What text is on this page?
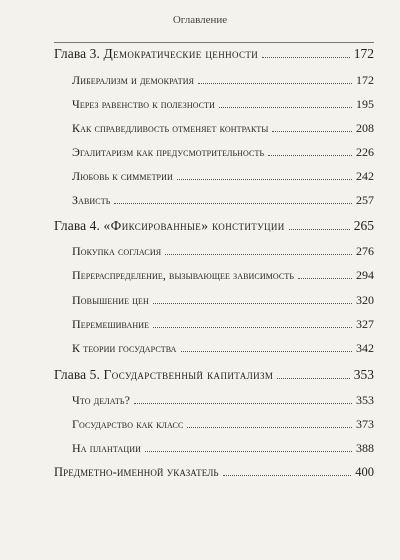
Оглавление
Глава 3. Демократические ценности	172
Либерализм и демократия	172
Через равенство к полезности	195
Как справедливость отменяет контракты	208
Эгалитаризм как предусмотрительность	226
Любовь к симметрии	242
Зависть	257
Глава 4. «Фиксированные» конституции	265
Покупка согласия	276
Перераспределение, вызывающее зависимость	294
Повышение цен	320
Перемешивание	327
К теории государства	342
Глава 5. Государственный капитализм	353
Что делать?	353
Государство как класс	373
На плантации	388
Предметно-именной указатель	400
